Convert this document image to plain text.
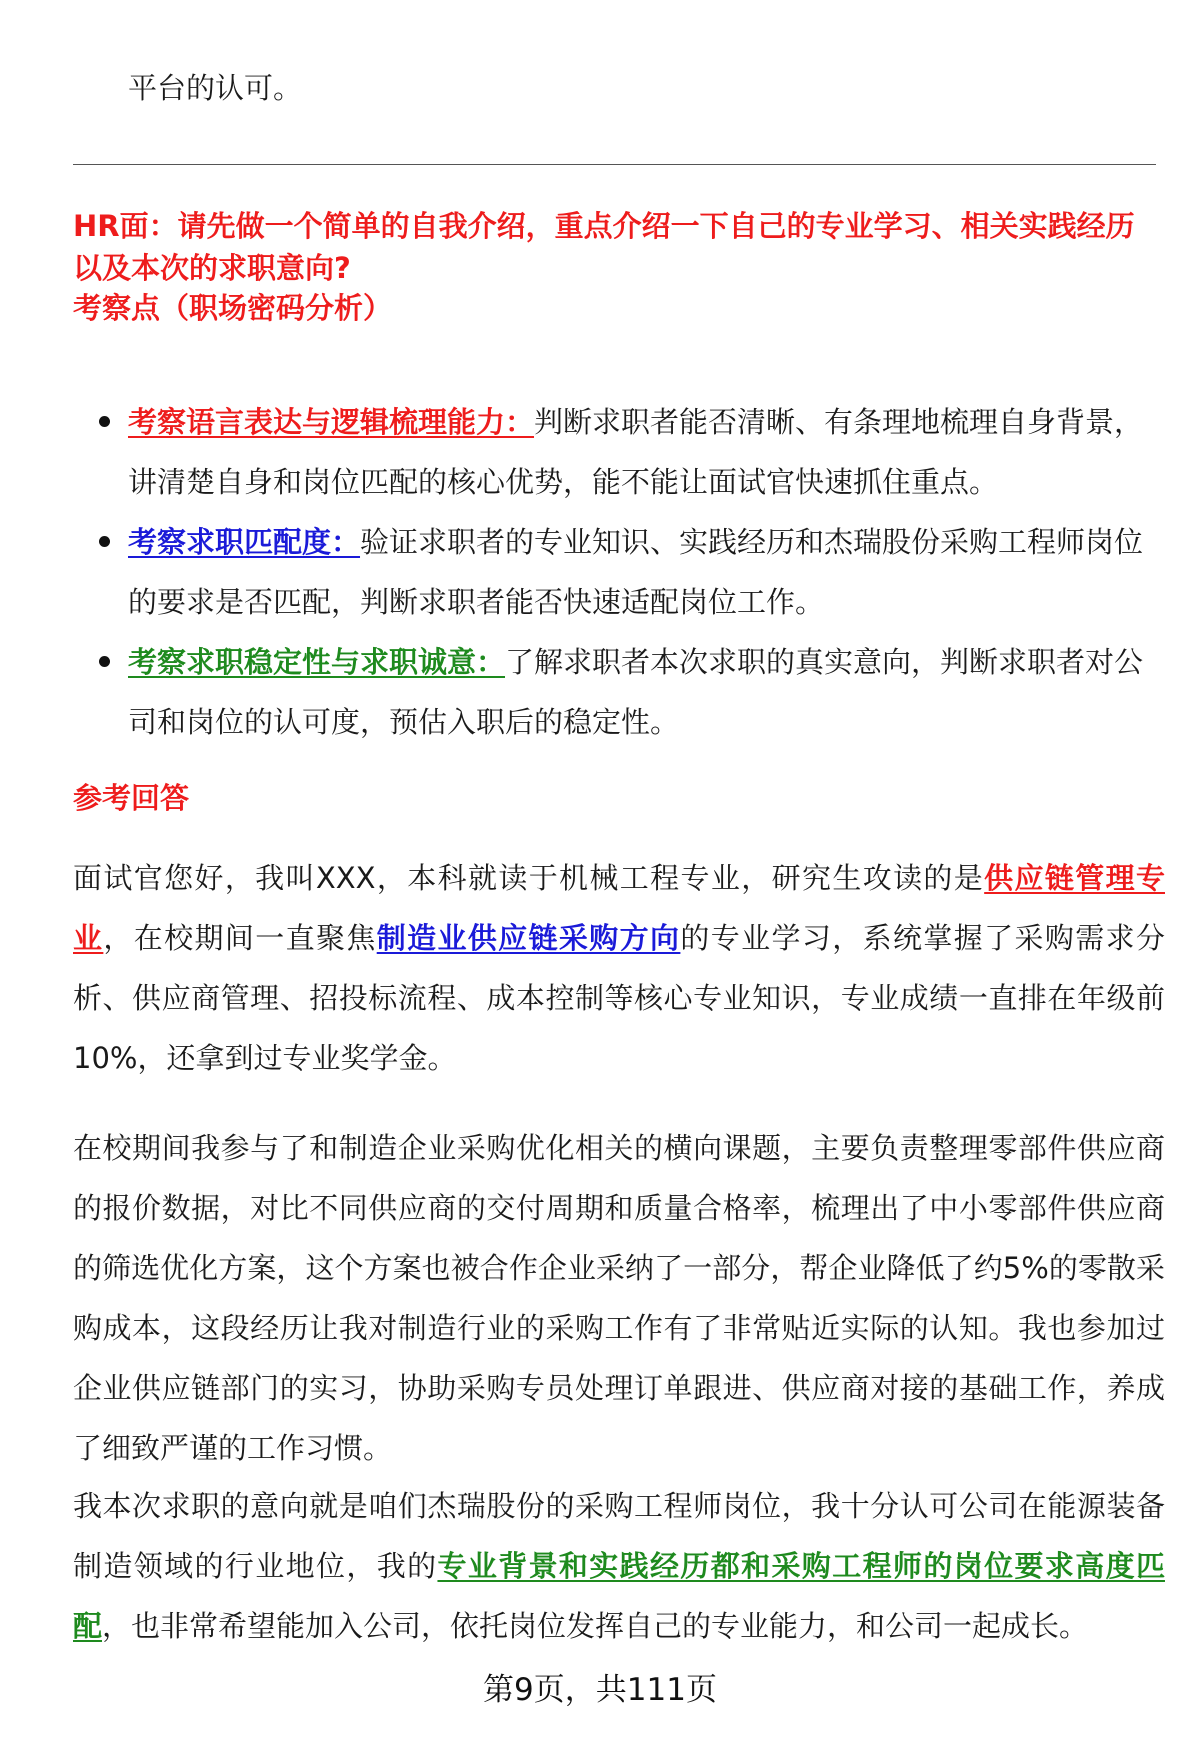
平台的认可。

HR面：请先做一个简单的自我介绍，重点介绍一下自己的专业学习、相关实践经历以及本次的求职意向?
考察点（职场密码分析）
考察语言表达与逻辑梳理能力：判断求职者能否清晰、有条理地梳理自身背景，讲清楚自身和岗位匹配的核心优势，能不能让面试官快速抓住重点。
考察求职匹配度：验证求职者的专业知识、实践经历和杰瑞股份采购工程师岗位的要求是否匹配，判断求职者能否快速适配岗位工作。
考察求职稳定性与求职诚意：了解求职者本次求职的真实意向，判断求职者对公司和岗位的认可度，预估入职后的稳定性。
参考回答

面试官您好，我叫XXX，本科就读于机械工程专业，研究生攻读的是供应链管理专业，在校期间一直聚焦制造业供应链采购方向的专业学习，系统掌握了采购需求分析、供应商管理、招投标流程、成本控制等核心专业知识，专业成绩一直排在年级前10%，还拿到过专业奖学金。

在校期间我参与了和制造企业采购优化相关的横向课题，主要负责整理零部件供应商的报价数据，对比不同供应商的交付周期和质量合格率，梳理出了中小零部件供应商的筛选优化方案，这个方案也被合作企业采纳了一部分，帮企业降低了约5%的零散采购成本，这段经历让我对制造行业的采购工作有了非常贴近实际的认知。我也参加过企业供应链部门的实习，协助采购专员处理订单跟进、供应商对接的基础工作，养成了细致严谨的工作习惯。

我本次求职的意向就是咱们杰瑞股份的采购工程师岗位，我十分认可公司在能源装备制造领域的行业地位，我的专业背景和实践经历都和采购工程师的岗位要求高度匹配，也非常希望能加入公司，依托岗位发挥自己的专业能力，和公司一起成长。

第9页，共111页
